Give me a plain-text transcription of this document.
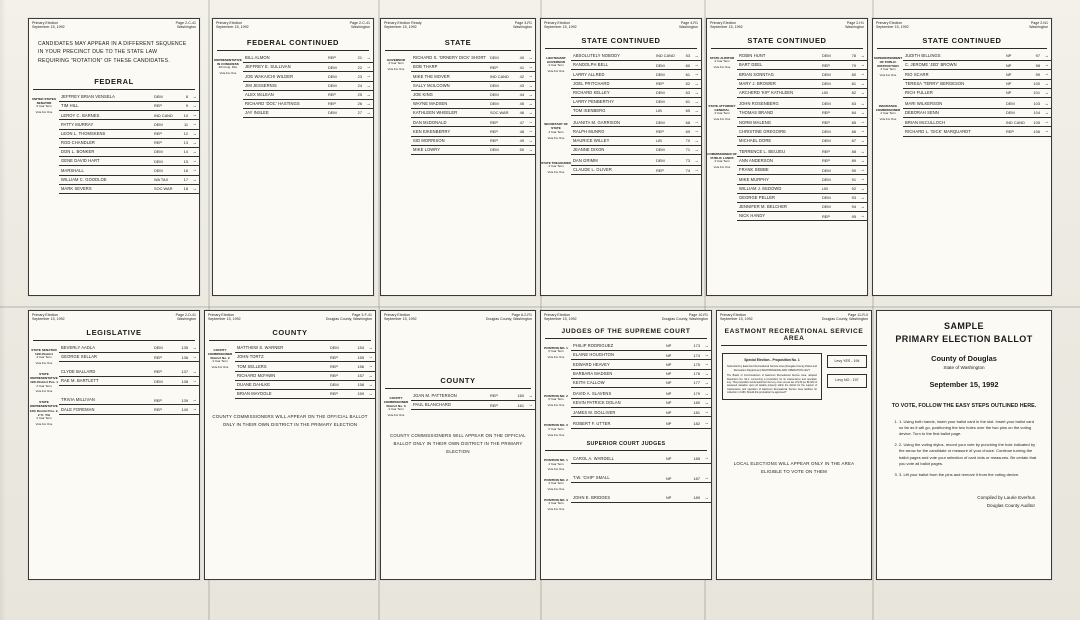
Primary Election
September 15, 1992
Page 2-C-41
Washington
CANDIDATES MAY APPEAR IN A DIFFERENT SEQUENCE IN YOUR PRECINCT DUE TO THE STATE LAW REQUIRING "ROTATION" OF THESE CANDIDATES.
FEDERAL
UNITED STATES SENATOR
6 Year Term
Vote For One
JEFFREY BRIAN VENSELA	DEM	8 →
TIM HILL	REP	9 →
LEROY C. BARNES	IND CAND	10 →
PATTY MURRAY	DEM	11 →
LEON L. THOMSKENS	REP	12 →
ROD CHANDLER	REP	13 →
DON L. BONKER	DEM	14 →
GENE DAVID HART	DEM	15 →
MARSHALL	DEM	16 →
WILLIAM C. GOODLOE	WA TAX	17 →
MARK SEVERS	SOC WAR	18 →
Primary Election
September 15, 1992
Page 2-C-41
Washington
FEDERAL CONTINUED
REPRESENTATIVE IN CONGRESS
4th Cong. Dist.
Vote For One
BILL ALMON	REP	21 →
JEFFREY E. SULLIVAN	DEM	22 →
JOE WAKAICHI WILDER	DEM	23 →
JIM JESSERNIS	DEM	24 →
ALEX McLEAN	REP	25 →
RICHARD 'DOC' HASTINGS	REP	26 →
JAY INSLEE	DEM	27 →
Primary Election Ready
September 15, 1992
Page 3-R1
Washington
STATE
GOVERNOR
4 Year Term
Vote For One
RICHARD S. 'ORNERY DICK' SHORT DEM	40 →
BOB THARP	REP	41 →
MIKE THE MOVER	IND CAND	42 →
SALLY McILCOWN	DEM	43 →
JOE KING	DEM	44 →
WAYNE MADSEN	DEM	45 →
KATHLEEN WHEELER	SOC WAR	46 →
DAN McDONALD	REP	47 →
KEN EIKENBERRY	REP	48 →
SID MORRISON	REP	49 →
MIKE LOWRY	DEM	50 →
Primary Election
September 15, 1992
Page 4-R1
Washington
STATE CONTINUED
LIEUTENANT GOVERNOR
4 Year Term
Vote For One
ABSOLUTELY NOBODY	IND CAND	53 →
RANDOLPH BELL	DEM	60 →
LARRY ALLRED	DEM	61 →
JOEL PRITCHARD	REP	52 →
RICHARD KELLEY	DEM	63 →
LARRY PENBERTHY	DEM	61 →
TOM ISENBERG	LIB	65 →
SECRETARY OF STATE
4 Year Term
Vote For One
JUANITA M. GARRISON	DEM	68 →
RALPH MUNRO	REP	69 →
MAURICE WILLEY	LIB	70 →
JEANNE DIXON	DEM	71 →
STATE TREASURER
4 Year Term
Vote For One
DAN GRIMM	DEM	73 →
CLAUDE L. OLIVER	REP	74 →
Primary Election
September 15, 1992
Page 2-H1
Washington
STATE CONTINUED
STATE AUDITOR
4 Year Term
Vote For One
ROBIN HUNT	DEM	78 →
BART DEEL	REP	79 →
BRIAN SONNTAG	DEM	80 →
MARY J. BROWER	DEM	81 →
ARCHERD 'KIP' KATHLEEN	LIB	82 →
STATE ATTORNEY GENERAL
4 Year Term
Vote For One
JOHN ROSENBERG	DEM	83 →
THOMAS BRAND	REP	84 →
NORM MALENG	REP	85 →
CHRISTINE GREGOIRE	DEM	86 →
MICHAEL DORE	DEM	87 →
COMMISSIONER OF PUBLIC LANDS
4 Year Term
Vote For One
TERRENCE L. BEUJEU	REP	88 →
ANN ANDERSON	REP	89 →
FRANK SEBBE	DEM	90 →
MIKE MURPHY	DEM	91 →
WILLIAM J. McDOWD	LIB	92 →
GEORGE PELLER	DEM	93 →
JENNIFER M. BELCHER	DEM	94 →
NICK HANDY	REP	95 →
Primary Election
September 15, 1992
Page 2-N1
Washington
STATE CONTINUED
SUPERINTENDENT OF PUBLIC INSTRUCTION
4 Year Term
Vote For One
JUDITH BILLINGS	NP	97 →
C. JEROME 'JED' BROWN	NP	98 →
RIO SCARR	NP	99 →
TERESA 'TERRY' BERGESON	NP	100 →
RICH FULLER	NP	101 →
INSURANCE COMMISSIONER
4 Year Term
Vote For One
MARI WILKERSON	DEM	103 →
DEBORAH SENN	DEM	104 →
BRIAN McCULLOCH	IND CAND	105 →
RICHARD L. 'DICK' MARQUARDT	REP	106 →
Primary Election
September 15, 1992
Page 2-D-41
Washington
LEGISLATIVE
STATE SENATOR 12th District
4 Year Term
Vote For One
BEVERLY AADLA	DEM	135 →
GEORGE SELLAR	REP	136 →
STATE REPRESENTATIVE 12th District Pos. 1
2 Year Term
Vote For One
CLYDE BALLARD	REP	137 →
RAE M. BARTLETT	DEM	138 →
STATE REPRESENTATIVE 12th District Pos. 2, 2 Yr. T/A
2 Year Term
Vote For One
TRIVIA MILLIVAN	REP	139 →
DALE FOREMAN	REP	140 →
Primary Election
September 15, 1992
Page 3-F-41
Douglas County, Washington
COUNTY
COUNTY COMMISSIONER District No. 2
4 Year Term
Vote For One
MATTHEW S. WARNER	DEM	154 →
JOHN TORTZ	REP	155 →
TOM SELLERS	REP	156 →
RICHARD McFAWN	REP	157 →
DUANE DAHLKE	DEM	158 →
BRIAN MAYDOLE	REP	159 →
COUNTY COMMISSIONERS WILL APPEAR ON THE OFFICIAL BALLOT ONLY IN THEIR OWN DISTRICT IN THE PRIMARY ELECTION
Primary Election
September 15, 1992
Page 8-2-R1
Douglas County, Washington
COUNTY
COUNTY COMMISSIONER District No. 3
4 Year Term
Vote For One
JOAN M. PATTERSON	REP	160 →
PAUL BLANCHARD	REP	161 →
COUNTY COMMISSIONERS WILL APPEAR ON THE OFFICIAL BALLOT ONLY IN THEIR OWN DISTRICT IN THE PRIMARY ELECTION
Primary Election
September 15, 1992
Page 10-R1
Douglas County, Washington
JUDGES OF THE SUPREME COURT
POSITION NO. 1
6 Year Term
Vote For One
PHILIP RODRIGUEZ	NP	173 →
ELAINE HOUGHTON	NP	174 →
EDWARD HEAVEY	NP	175 →
BARBARA MADSEN	NP	176 →
KEITH CALLOW	NP	177 →
POSITION NO. 2
6 Year Term
Vote For One
DAVID A. SLAVENS	NP	179 →
KEVIN PATRICK DOLAN	NP	180 →
JAMES M. DOLLIVER	NP	181 →
POSITION NO. 3
6 Year Term
Vote For One
ROBERT F. UTTER	NP	182 →
SUPERIOR COURT JUDGES
POSITION NO. 1
4 Year Term
Vote For One
CAROL A. WARDELL	NP	185 →
POSITION NO. 2
4 Year Term
Vote For One
T.W. 'CHIP' SMALL	NP	187 →
POSITION NO. 3
4 Year Term
Vote For One
JOHN E. BRIDGES	NP	189 →
Primary Election
September 15, 1992
Page 11-R-0
Douglas County, Washington
EASTMONT RECREATIONAL SERVICE AREA
Special Election - Proposition No. 1
Submitted by Eastmont Recreational Service Area (Douglas County Parks and Recreation Department) MAINTENANCE AND OPERATION LEVY
The Board of Commissioners of Eastmont Recreational Service Area, adopted Resolution No. 92-1, concerning a proposition for its maintenance and operation levy. This proposition would authorize the levy of an excess tax of $.40 per $1,000 of assessed valuation upon all taxable property within the district for the support of maintenance and operation of Eastmont Recreational Service Area facilities for collection in 1993. Should this proposition be approved?
Levy YES - 194
Levy NO - 197
LOCAL ELECTIONS WILL APPEAR ONLY IN THE AREA ELIGIBLE TO VOTE ON THEM
SAMPLE
PRIMARY ELECTION BALLOT
County of Douglas
State of Washington
September 15, 1992
TO VOTE, FOLLOW THE EASY STEPS OUTLINED HERE.
1. 1. Using both hands, insert your ballot card in the slot. Insert your ballot card so far as it will go, positioning the two holes over the two pins on the voting device. Turn to the first ballot page.
2. 2. Using the voting stylus, record your vote by punching the hole indicated by the arrow for the candidate or measure of your choice. Continue turning the ballot pages and vote your selection of card dots or measures. Be certain that you vote all ballot pages.
3. 3. Lift your ballot from the pins and remove it from the voting device.
Compiled by Laurie Everhus
Douglas County Auditor
